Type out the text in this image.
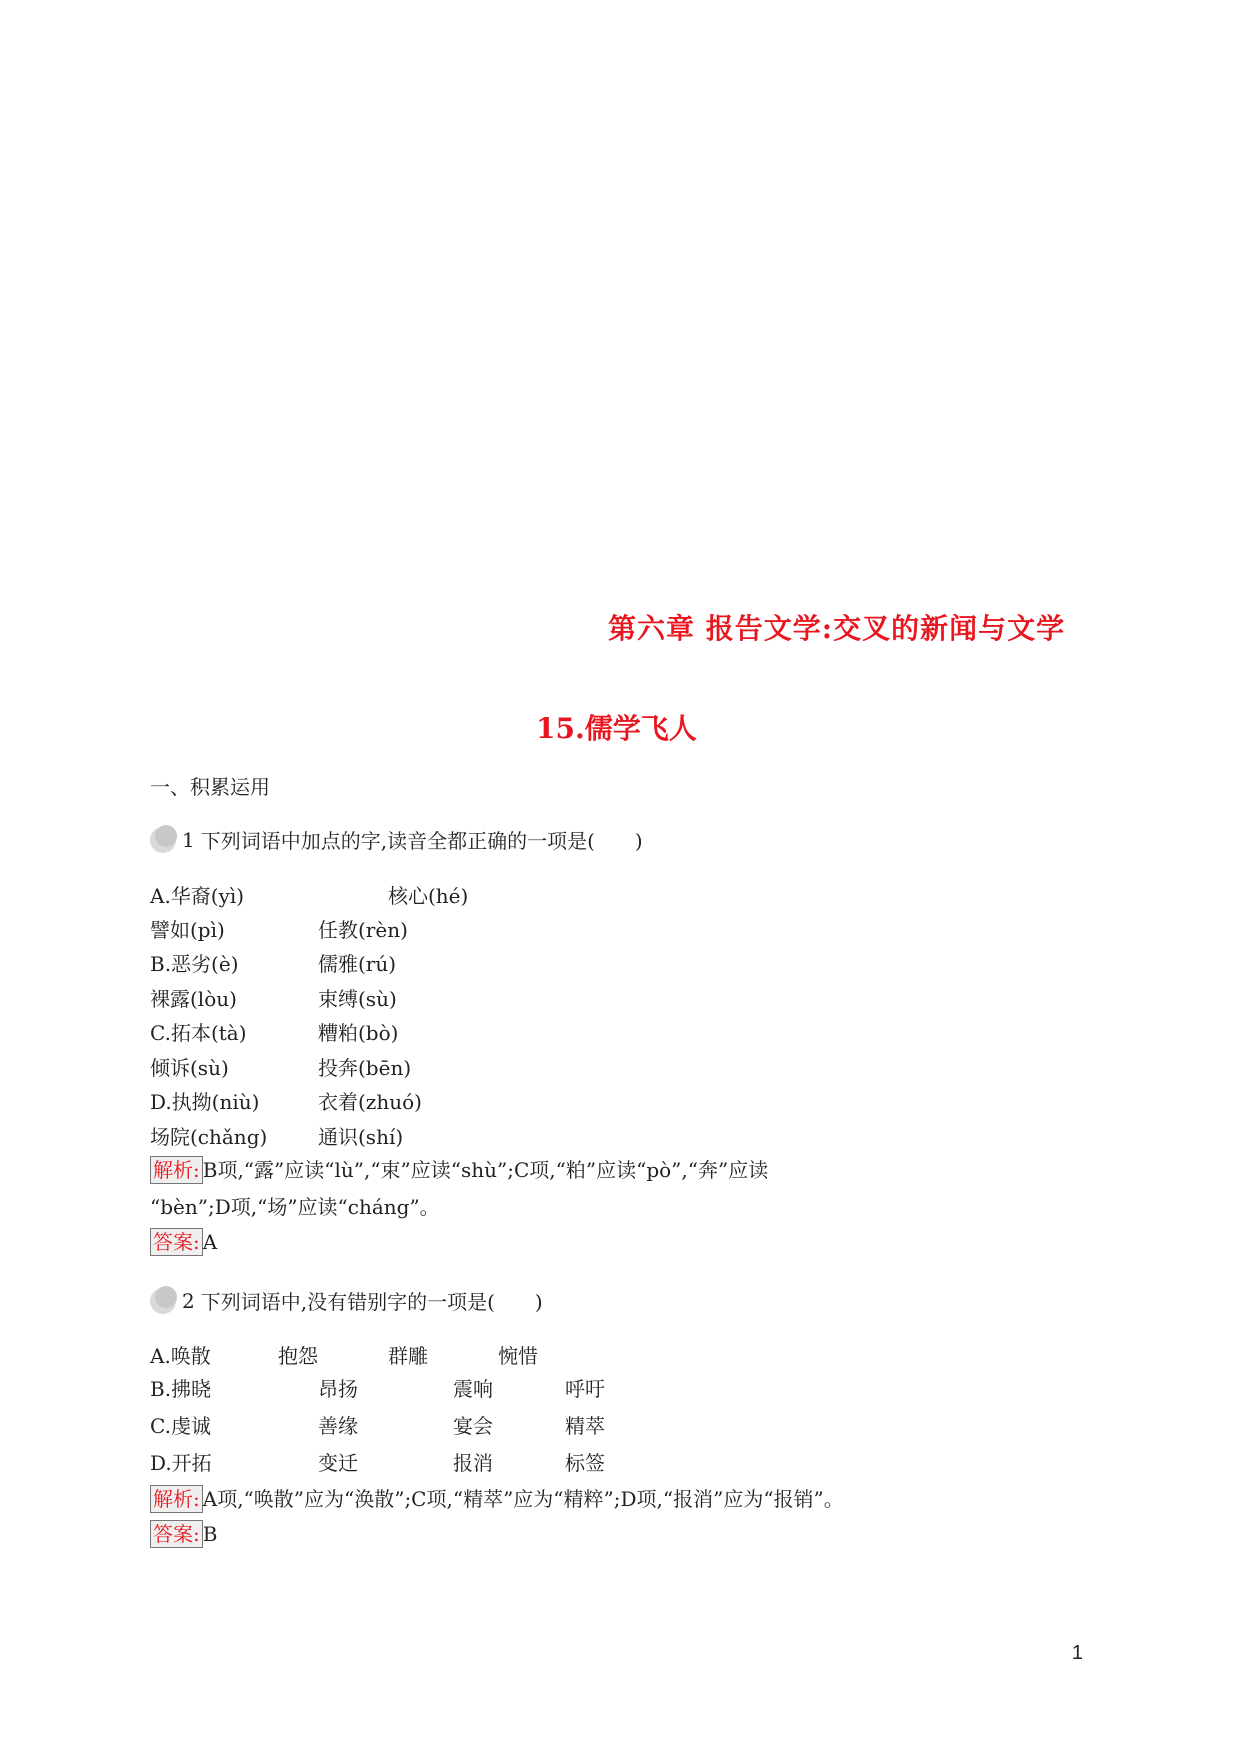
第六章 报告文学:交叉的新闻与文学
15.儒学飞人
一、积累运用
1 下列词语中加点的字,读音全都正确的一项是(　　)
A.华裔(yì)	核心(hé)
譬如(pì)	任教(rèn)
B.恶劣(è)	儒雅(rú)
裸露(lòu)	束缚(sù)
C.拓本(tà)	糟粕(bò)
倾诉(sù)	投奔(bēn)
D.执拗(niù)	衣着(zhuó)
场院(chǎng)	通识(shí)
解析: B项,“露”应读“lù”,“束”应读“shù”;C项,“粕”应读“pò”,“奔”应读
“bèn”;D项,“场”应读“cháng”。
答案: A
2 下列词语中,没有错别字的一项是(　　)
A.唤散	抱怨	群雕	惋惜
B.拂晓	昂扬	震响	呼吁
C.虔诚	善缘	宴会	精萃
D.开拓	变迁	报消	标签
解析: A项,“唤散”应为“涣散”;C项,“精萃”应为“精粹”;D项,“报消”应为“报销”。
答案: B
1
